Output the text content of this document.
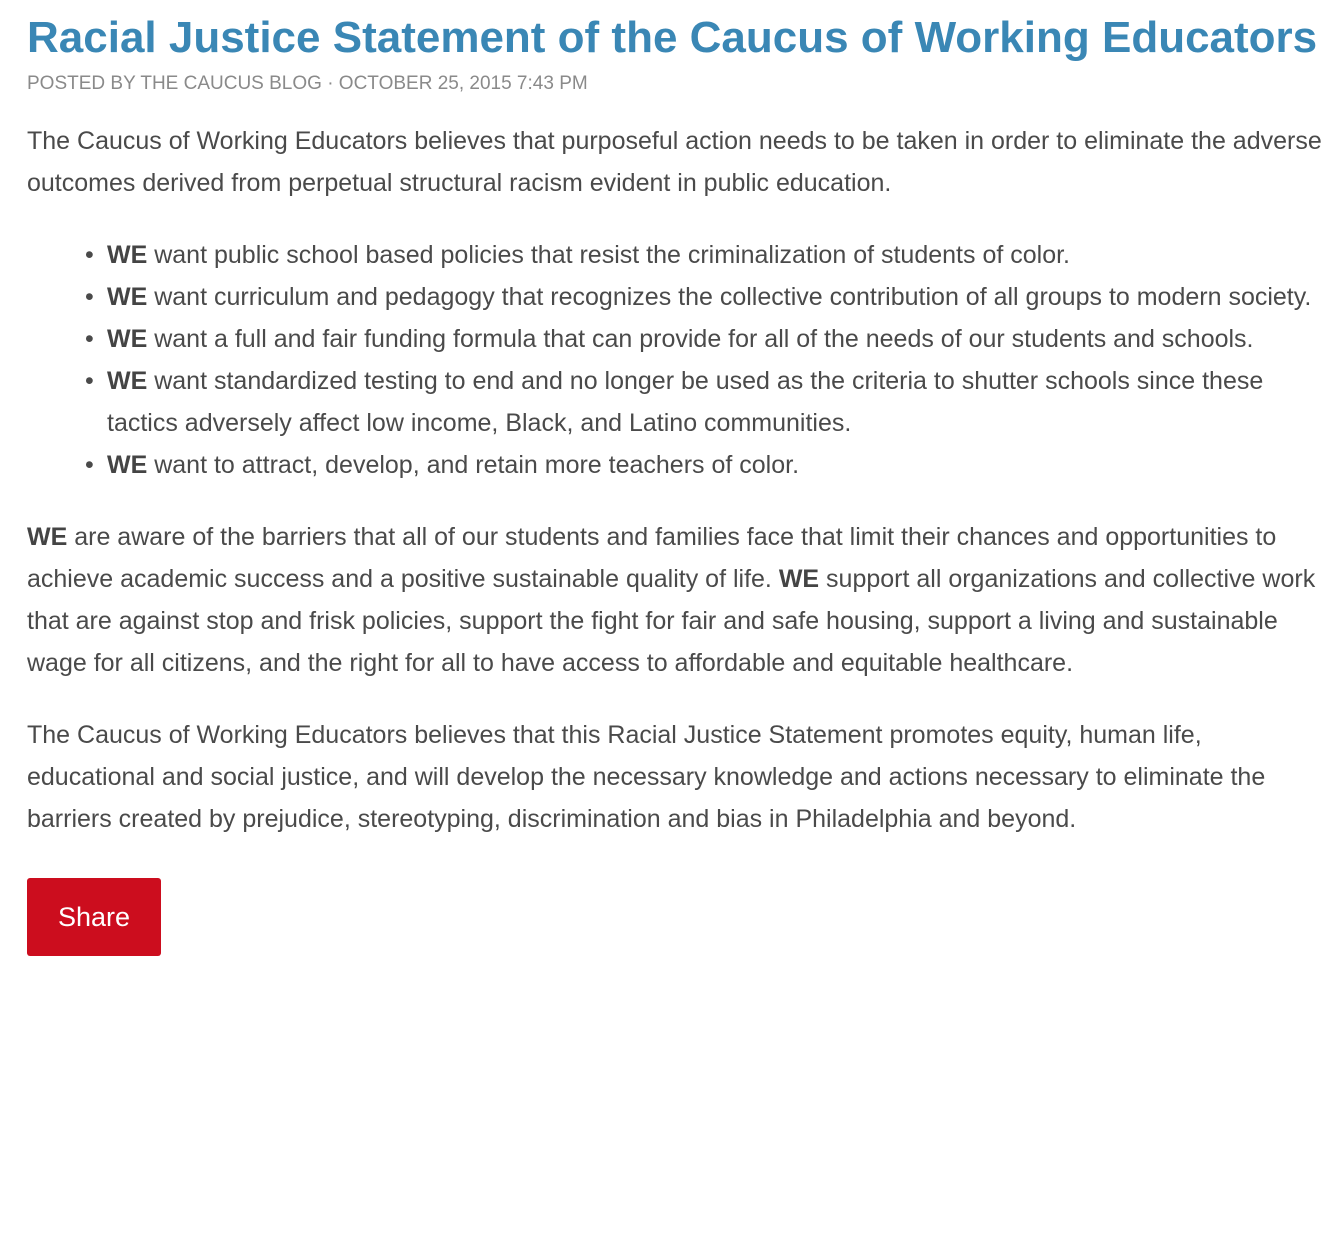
Racial Justice Statement of the Caucus of Working Educators
POSTED BY THE CAUCUS BLOG · OCTOBER 25, 2015 7:43 PM

The Caucus of Working Educators believes that purposeful action needs to be taken in order to eliminate the adverse outcomes derived from perpetual structural racism evident in public education.

• WE want public school based policies that resist the criminalization of students of color.
• WE want curriculum and pedagogy that recognizes the collective contribution of all groups to modern society.
• WE want a full and fair funding formula that can provide for all of the needs of our students and schools.
• WE want standardized testing to end and no longer be used as the criteria to shutter schools since these tactics adversely affect low income, Black, and Latino communities.
• WE want to attract, develop, and retain more teachers of color.

WE are aware of the barriers that all of our students and families face that limit their chances and opportunities to achieve academic success and a positive sustainable quality of life. WE support all organizations and collective work that are against stop and frisk policies, support the fight for fair and safe housing, support a living and sustainable wage for all citizens, and the right for all to have access to affordable and equitable healthcare.

The Caucus of Working Educators believes that this Racial Justice Statement promotes equity, human life, educational and social justice, and will develop the necessary knowledge and actions necessary to eliminate the barriers created by prejudice, stereotyping, discrimination and bias in Philadelphia and beyond.

Share
